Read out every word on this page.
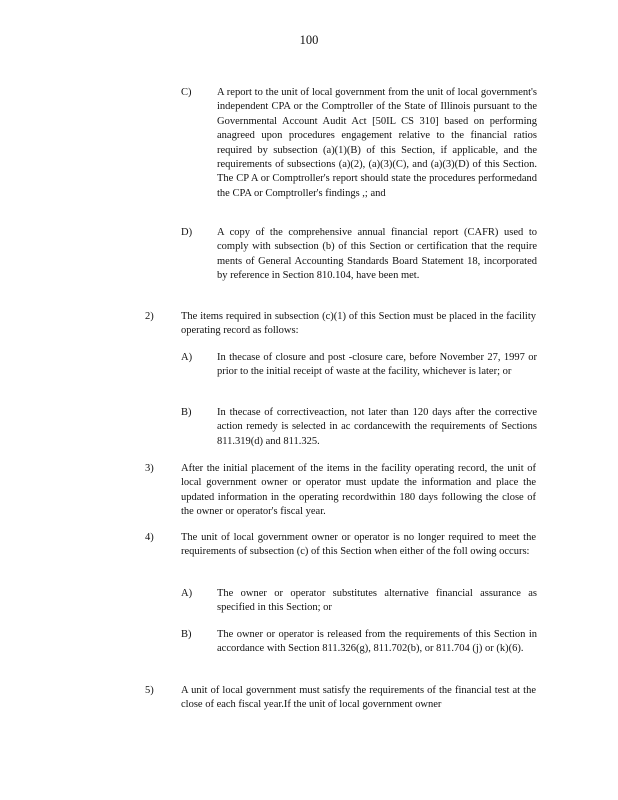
100
C) A report to the unit of local government from the unit of local government's independent CPA or the Comptroller of the State of Illinois pursuant to the Governmental Account Audit Act [50IL CS 310] based on performing anagreed upon procedures engagement relative to the financial ratios required by subsection (a)(1)(B) of this Section, if applicable, and the requirements of subsections (a)(2), (a)(3)(C), and (a)(3)(D) of this Section. The CP A or Comptroller's report should state the procedures performedand the CPA or Comptroller's findings ,; and
D) A copy of the comprehensive annual financial report (CAFR) used to comply with subsection (b) of this Section or certification that the require ments of General Accounting Standards Board Statement 18, incorporated by reference in Section 810.104, have been met.
2)	The items required in subsection (c)(1) of this Section must be placed in the facility operating record as follows:
A) In thecase of closure and post -closure care, before November 27, 1997 or prior to the initial receipt of waste at the facility, whichever is later; or
B) In thecase of correctiveaction, not later than 120 days after the corrective action remedy is selected in ac cordancewith the requirements of Sections 811.319(d) and 811.325.
3)	After the initial placement of the items in the facility operating record, the unit of local government owner or operator must update the information and place the updated information in the operating recordwithin 180 days following the close of the owner or operator's fiscal year.
4)	The unit of local government owner or operator is no longer required to meet the requirements of subsection (c) of this Section when either of the foll owing occurs:
A) The owner or operator substitutes alternative financial assurance as specified in this Section; or
B) The owner or operator is released from the requirements of this Section in accordance with Section 811.326(g), 811.702(b), or 811.704 (j) or (k)(6).
5)	A unit of local government must satisfy the requirements of the financial test at the close of each fiscal year.If the unit of local government owner
